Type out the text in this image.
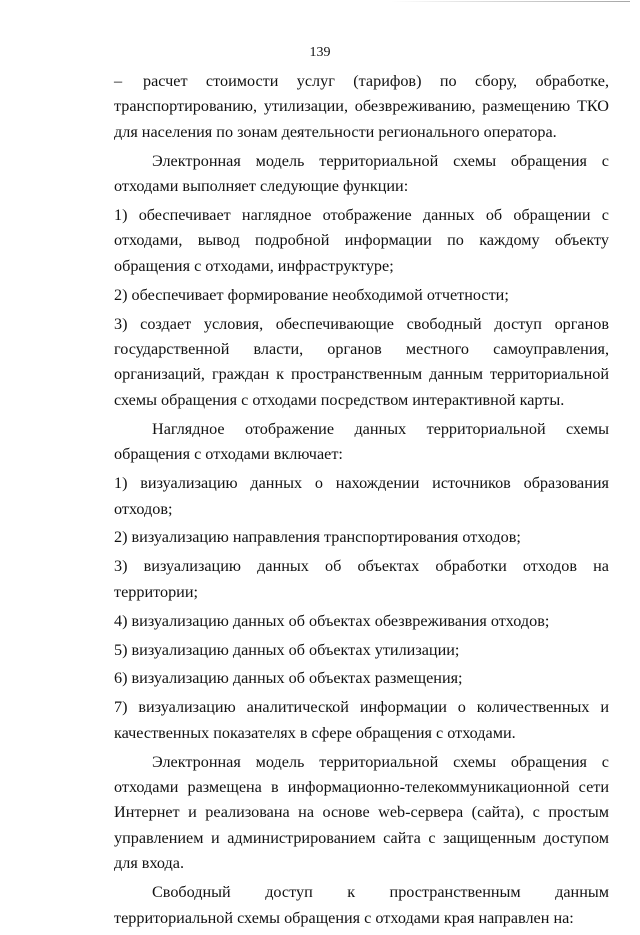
139

– расчет стоимости услуг (тарифов) по сбору, обработке, транспортированию, утилизации, обезвреживанию, размещению ТКО для населения по зонам деятельности регионального оператора.

Электронная модель территориальной схемы обращения с отходами выполняет следующие функции:

1) обеспечивает наглядное отображение данных об обращении с отходами, вывод подробной информации по каждому объекту обращения с отходами, инфраструктуре;

2) обеспечивает формирование необходимой отчетности;

3) создает условия, обеспечивающие свободный доступ органов государственной власти, органов местного самоуправления, организаций, граждан к пространственным данным территориальной схемы обращения с отходами посредством интерактивной карты.

Наглядное отображение данных территориальной схемы обращения с отходами включает:

1) визуализацию данных о нахождении источников образования отходов;

2) визуализацию направления транспортирования отходов;

3) визуализацию данных об объектах обработки отходов на территории;

4) визуализацию данных об объектах обезвреживания отходов;

5) визуализацию данных об объектах утилизации;

6) визуализацию данных об объектах размещения;

7) визуализацию аналитической информации о количественных и качественных показателях в сфере обращения с отходами.

Электронная модель территориальной схемы обращения с отходами размещена в информационно-телекоммуникационной сети Интернет и реализована на основе web-сервера (сайта), с простым управлением и администрированием сайта с защищенным доступом для входа.

Свободный доступ к пространственным данным территориальной схемы обращения с отходами края направлен на:
